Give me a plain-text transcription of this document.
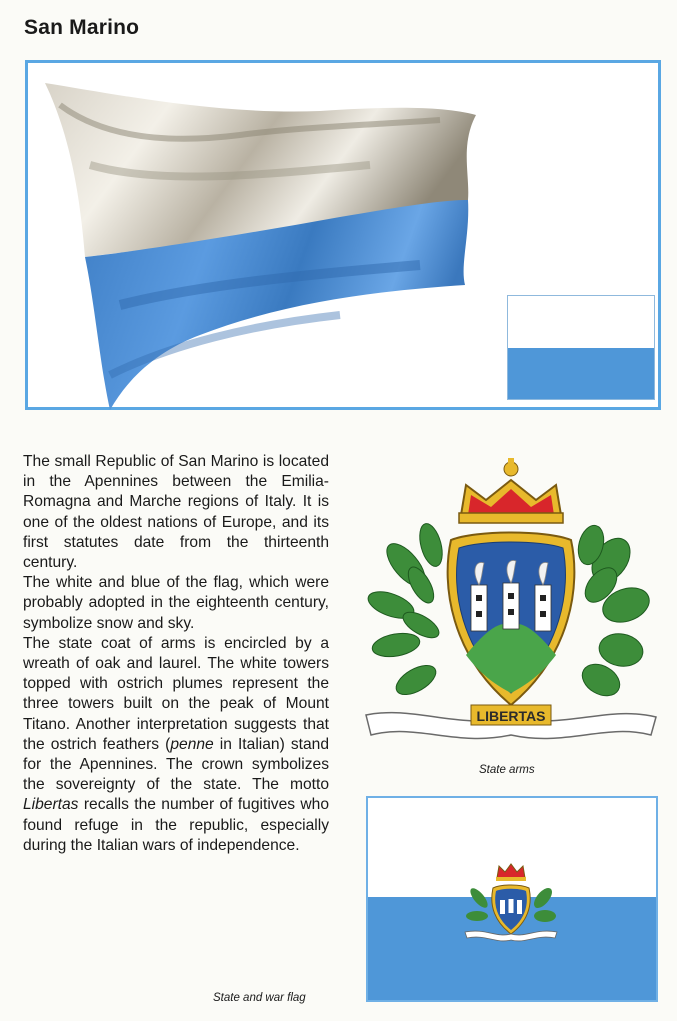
San Marino

The small Republic of San Marino is located in the Apennines between the Emilia-Romagna and Marche regions of Italy. It is one of the oldest nations of Europe, and its first statutes date from the thirteenth century.

The white and blue of the flag, which were probably adopted in the eighteenth century, symbolize snow and sky.

The state coat of arms is encircled by a wreath of oak and laurel. The white towers topped with ostrich plumes represent the three towers built on the peak of Mount Titano. Another interpretation suggests that the ostrich feathers (penne in Italian) stand for the Apennines. The crown symbolizes the sovereignty of the state. The motto Libertas recalls the number of fugitives who found refuge in the republic, especially during the Italian wars of independence.

LIBERTAS
State arms
State and war flag
